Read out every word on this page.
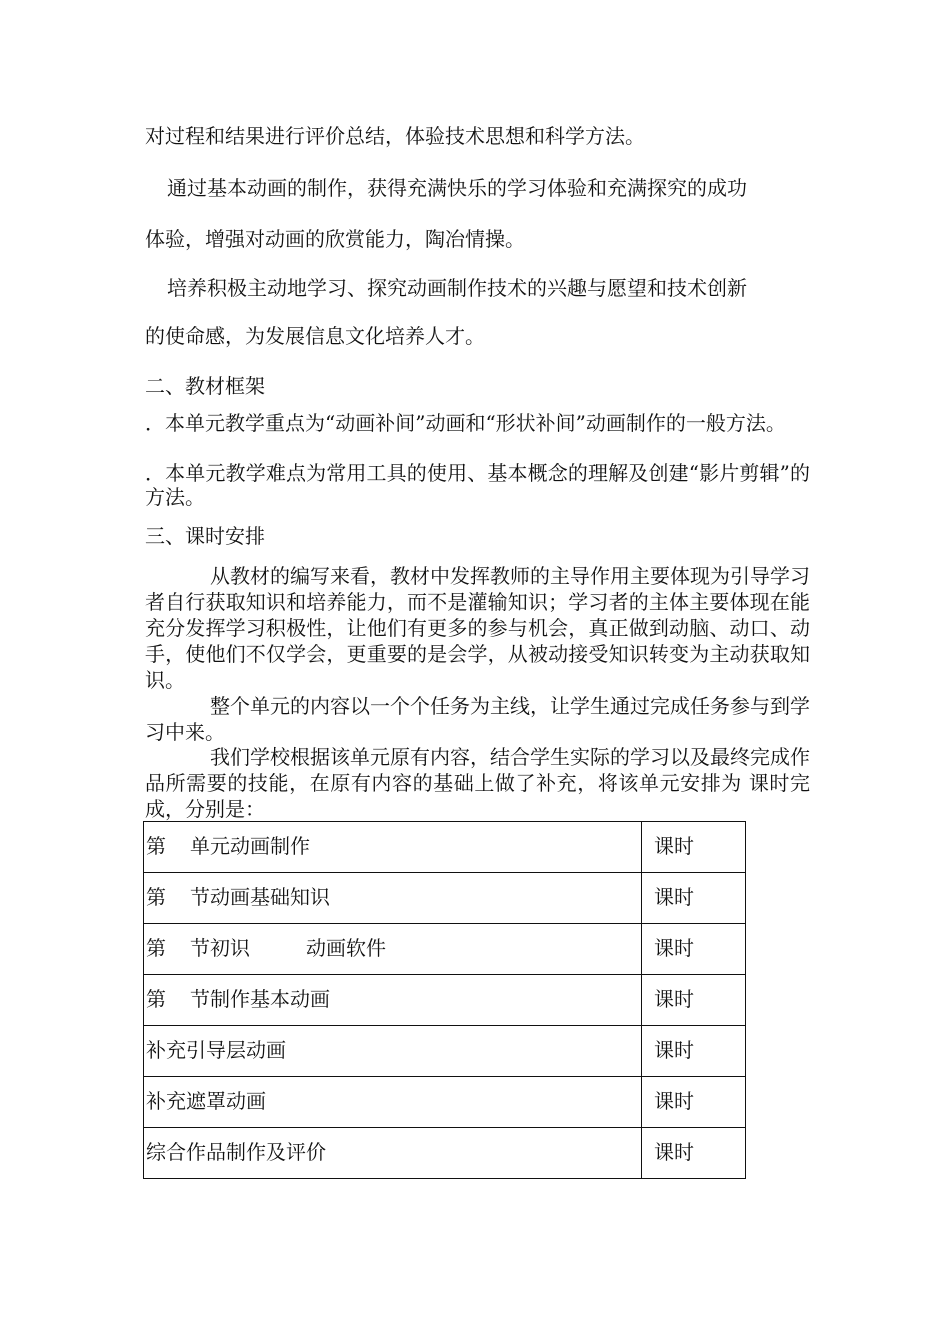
对过程和结果进行评价总结，体验技术思想和科学方法。

通过基本动画的制作，获得充满快乐的学习体验和充满探究的成功

体验，增强对动画的欣赏能力，陶冶情操。

培养积极主动地学习、探究动画制作技术的兴趣与愿望和技术创新

的使命感，为发展信息文化培养人才。

二、教材框架

．本单元教学重点为“动画补间”动画和“形状补间”动画制作的一般方法。

．本单元教学难点为常用工具的使用、基本概念的理解及创建“影片剪辑”的方法。

三、课时安排

从教材的编写来看，教材中发挥教师的主导作用主要体现为引导学习者自行获取知识和培养能力，而不是灌输知识；学习者的主体主要体现在能充分发挥学习积极性，让他们有更多的参与机会，真正做到动脑、动口、动手，使他们不仅学会，更重要的是会学，从被动接受知识转变为主动获取知识。

整个单元的内容以一个个任务为主线，让学生通过完成任务参与到学习中来。

我们学校根据该单元原有内容，结合学生实际的学习以及最终完成作品所需要的技能，在原有内容的基础上做了补充，将该单元安排为 课时完成，分别是：

第 单元动画制作	课时
第 节动画基础知识	课时
第 节初识 动画软件	课时
第 节制作基本动画	课时
补充引导层动画	课时
补充遮罩动画	课时
综合作品制作及评价	课时
